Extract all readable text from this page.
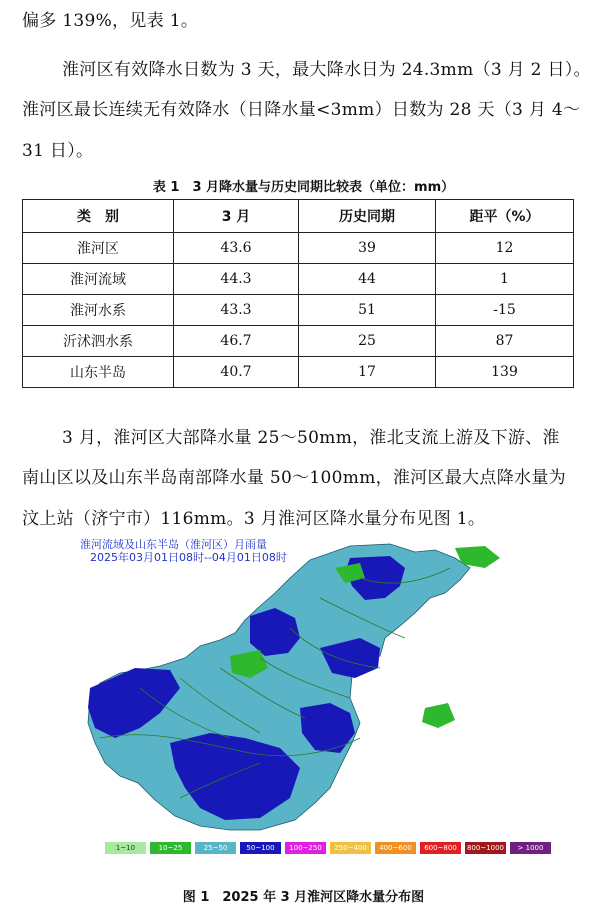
偏多 139%，见表 1。
淮河区有效降水日数为 3 天，最大降水日为 24.3mm（3 月 2 日）。
淮河区最长连续无有效降水（日降水量<3mm）日数为 28 天（3 月 4～
31 日）。
表 1　3 月降水量与历史同期比较表（单位：mm）
类　别	3 月	历史同期	距平（%）
淮河区	43.6	39	12
淮河流域	44.3	44	1
淮河水系	43.3	51	-15
沂沭泗水系	46.7	25	87
山东半岛	40.7	17	139
3 月，淮河区大部降水量 25～50mm，淮北支流上游及下游、淮
南山区以及山东半岛南部降水量 50～100mm，淮河区最大点降水量为
汶上站（济宁市）116mm。3 月淮河区降水量分布见图 1。
淮河流域及山东半岛（淮河区）月雨量
2025年03月01日08时--04月01日08时
1~10	10~25	25~50	50~100	100~250	250~400	400~600	600~800	800~1000	> 1000
图 1　2025 年 3 月淮河区降水量分布图
